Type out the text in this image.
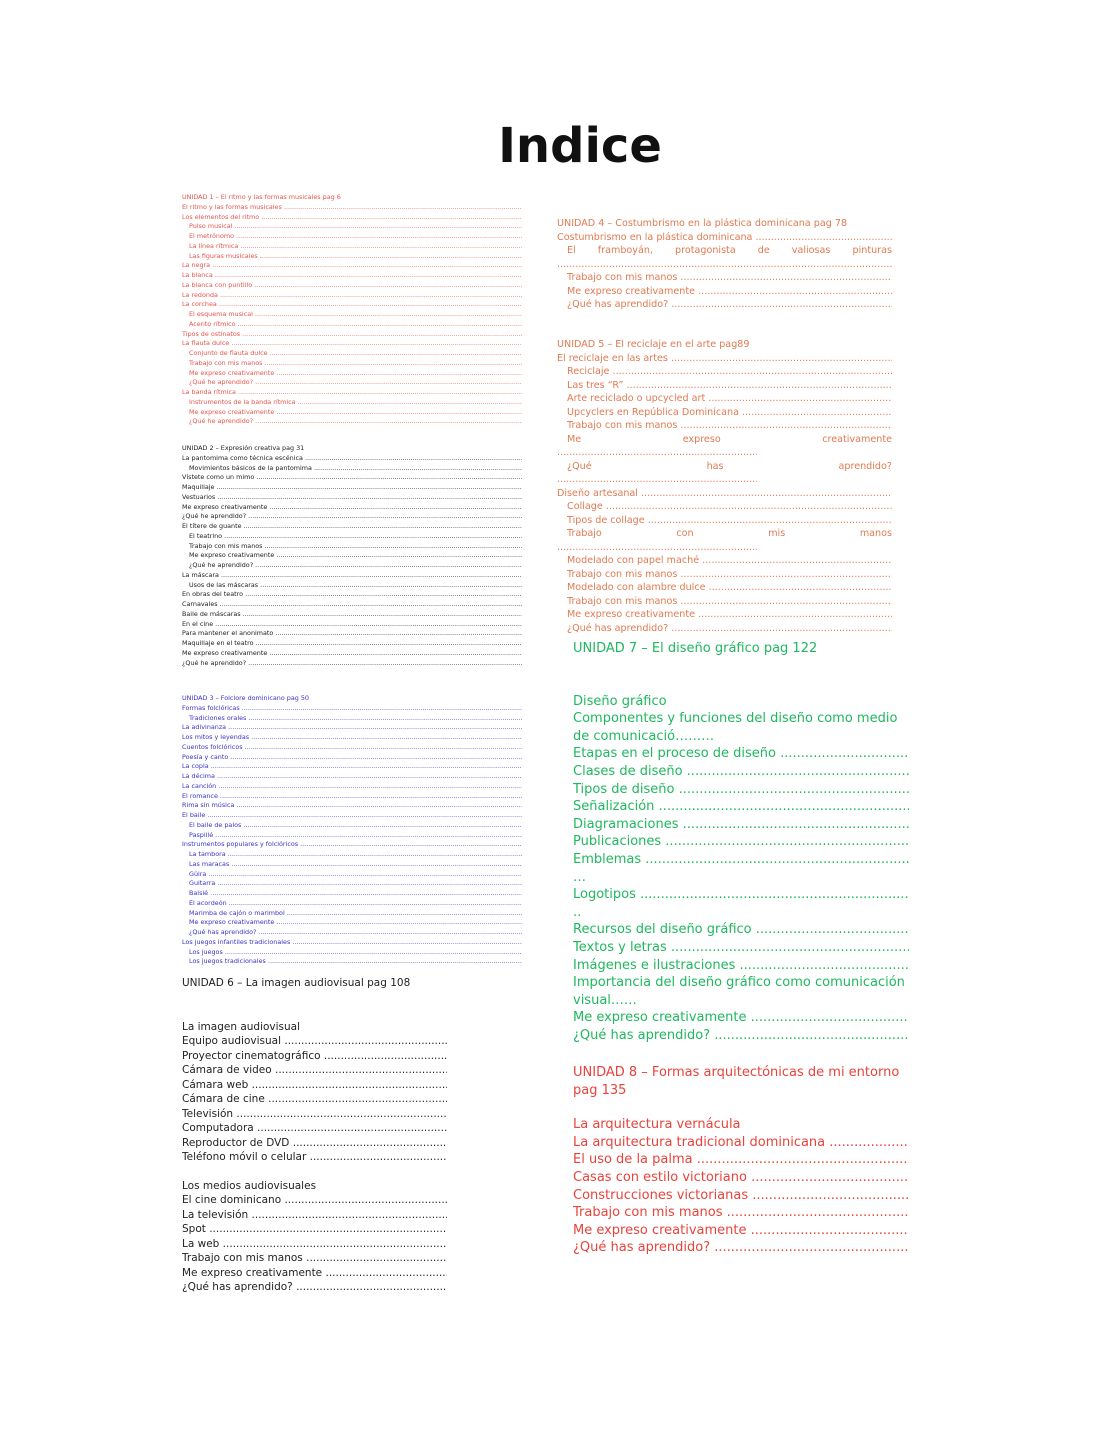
Indice
UNIDAD 1 – El ritmo y las formas musicales pag 6
El ritmo y las formas musicales .....
Los elementos del ritmo .....
Pulso musical .....
El metrónomo .....
La línea rítmica .....
Las figuras musicales .....
La negra .....
La blanca .....
La blanca con puntillo .....
La redonda .....
La corchea .....
El esquema musical .....
Acento rítmico .....
Tipos de ostinatos .....
La flauta dulce .....
Conjunto de flauta dulce .....
Trabajo con mis manos .....
Me expreso creativamente .....
¿Qué he aprendido? .....
La banda rítmica .....
Instrumentos de la banda rítmica .....
Me expreso creativamente .....
¿Qué he aprendido? .....
UNIDAD 2 – Expresión creativa pag 31
La pantomima como técnica escénica .....
Movimientos básicos de la pantomima .....
Vístete como un mimo .....
Maquillaje .....
Vestuarios .....
Me expreso creativamente .....
¿Qué he aprendido? .....
El títere de guante .....
El teatrino .....
Trabajo con mis manos .....
Me expreso creativamente .....
¿Qué he aprendido? .....
La máscara .....
Usos de las máscaras .....
En obras del teatro .....
Carnavales .....
Baile de máscaras .....
En el cine .....
Para mantener el anonimato .....
Maquillaje en el teatro .....
Me expreso creativamente .....
¿Qué he aprendido? .....
UNIDAD 3 – Folclore dominicano pag 50
Formas folclóricas .....
Tradiciones orales .....
La adivinanza .....
Los mitos y leyendas .....
Cuentos folclóricos .....
Poesía y canto .....
La copla .....
La décima .....
La canción .....
El romance .....
Rima sin música .....
El baile .....
El baile de palos .....
Paspillé .....
Instrumentos populares y folclóricos .....
La tambora .....
Las maracas .....
Güira .....
Guitarra .....
Balsié .....
El acordeón .....
Marimba de cajón o marimbol .....
Me expreso creativamente .....
¿Qué has aprendido? .....
Los juegos infantiles tradicionales .....
Los juegos .....
Los juegos tradicionales .....
UNIDAD 4 – Costumbrismo en la plástica dominicana pag 78
Costumbrismo en la plástica dominicana .....
El framboyán, protagonista de valiosas pinturas
.....
Trabajo con mis manos .....
Me expreso creativamente .....
¿Qué has aprendido? .....
UNIDAD 5 – El reciclaje en el arte pag89
El reciclaje en las artes .....
Reciclaje .....
Las tres “R” .....
Arte reciclado o upcycled art .....
Upcyclers en República Dominicana .....
Trabajo con mis manos .....
Me expreso creativamente
.....
¿Qué has aprendido?
.....
Diseño artesanal .....
Collage .....
Tipos de collage .....
Trabajo con mis manos
.....
Modelado con papel maché .....
Trabajo con mis manos .....
Modelado con alambre dulce .....
Trabajo con mis manos .....
Me expreso creativamente .....
¿Qué has aprendido? .....
UNIDAD 6 – La imagen audiovisual pag 108
La imagen audiovisual
Equipo audiovisual .....
Proyector cinematográfico .....
Cámara de video .....
Cámara web .....
Cámara de cine .....
Televisión .....
Computadora .....
Reproductor de DVD .....
Teléfono móvil o celular .....
Los medios audiovisuales
El cine dominicano .....
La televisión .....
Spot .....
La web .....
Trabajo con mis manos .....
Me expreso creativamente .....
¿Qué has aprendido? .....
UNIDAD 7 – El diseño gráfico pag 122
Diseño gráfico
Componentes y funciones del diseño como medio de comunicació………
Etapas en el proceso de diseño .....
Clases de diseño .....
Tipos de diseño .....
Señalización .....
Diagramaciones .....
Publicaciones .....
Emblemas .....
…
Logotipos .....
..
Recursos del diseño gráfico .....
Textos y letras .....
Imágenes e ilustraciones .....
Importancia del diseño gráfico como comunicación visual……
Me expreso creativamente .....
¿Qué has aprendido? .....
UNIDAD 8 – Formas arquitectónicas de mi entorno pag 135
La arquitectura vernácula
La arquitectura tradicional dominicana .....
El uso de la palma .....
Casas con estilo victoriano .....
Construcciones victorianas .....
Trabajo con mis manos .....
Me expreso creativamente .....
¿Qué has aprendido? .....
